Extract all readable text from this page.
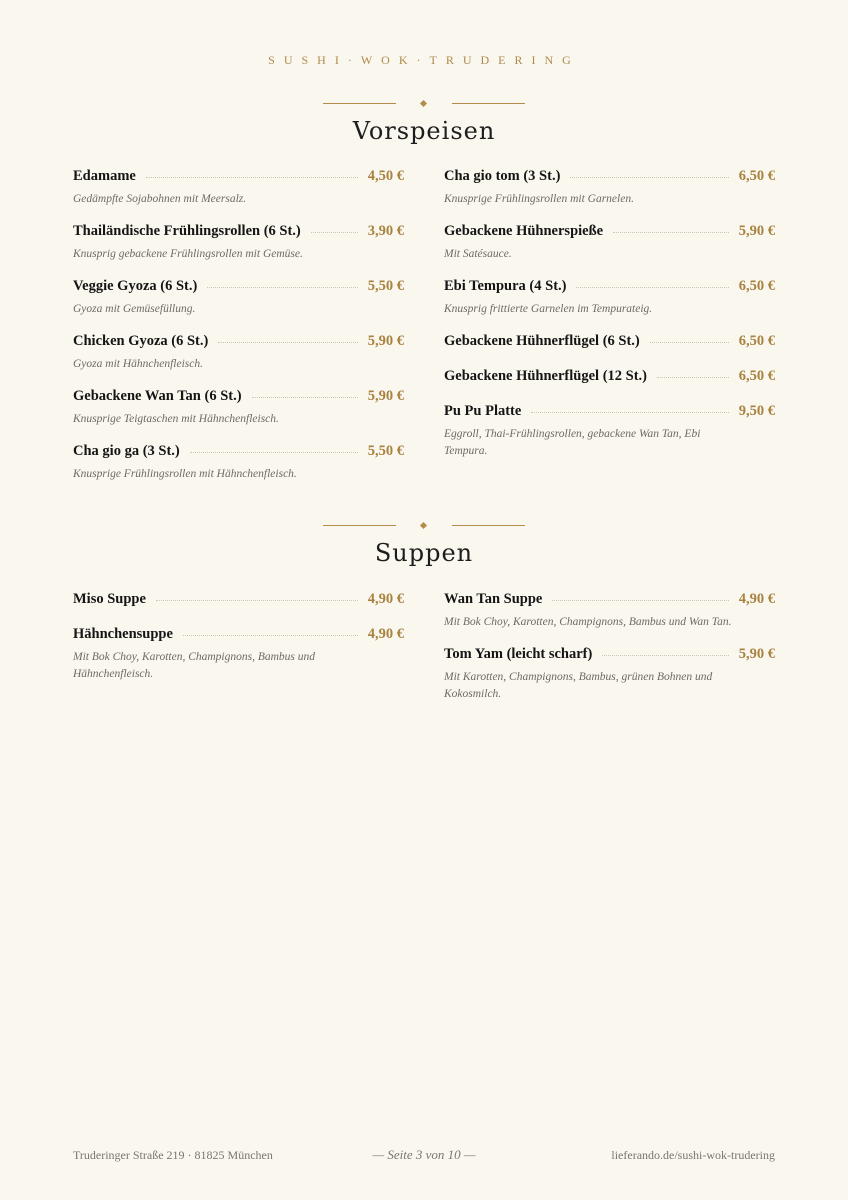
SUSHI·WOK·TRUDERING
Vorspeisen
Edamame	4,50 €
Gedämpfte Sojabohnen mit Meersalz.
Thailändische Frühlingsrollen (6 St.)	3,90 €
Knusprig gebackene Frühlingsrollen mit Gemüse.
Veggie Gyoza (6 St.)	5,50 €
Gyoza mit Gemüsefüllung.
Chicken Gyoza (6 St.)	5,90 €
Gyoza mit Hähnchenfleisch.
Gebackene Wan Tan (6 St.)	5,90 €
Knusprige Teigtaschen mit Hähnchenfleisch.
Cha gio ga (3 St.)	5,50 €
Knusprige Frühlingsrollen mit Hähnchenfleisch.
Cha gio tom (3 St.)	6,50 €
Knusprige Frühlingsrollen mit Garnelen.
Gebackene Hühnerspieße	5,90 €
Mit Satésauce.
Ebi Tempura (4 St.)	6,50 €
Knusprig frittierte Garnelen im Tempurateig.
Gebackene Hühnerflügel (6 St.)	6,50 €
Gebackene Hühnerflügel (12 St.)	6,50 €
Pu Pu Platte	9,50 €
Eggroll, Thai-Frühlingsrollen, gebackene Wan Tan, Ebi Tempura.
Suppen
Miso Suppe	4,90 €
Hähnchensuppe	4,90 €
Mit Bok Choy, Karotten, Champignons, Bambus und Hähnchenfleisch.
Wan Tan Suppe	4,90 €
Mit Bok Choy, Karotten, Champignons, Bambus und Wan Tan.
Tom Yam (leicht scharf)	5,90 €
Mit Karotten, Champignons, Bambus, grünen Bohnen und Kokosmilch.
Truderinger Straße 219 · 81825 München	— Seite 3 von 10 —	lieferando.de/sushi-wok-trudering
